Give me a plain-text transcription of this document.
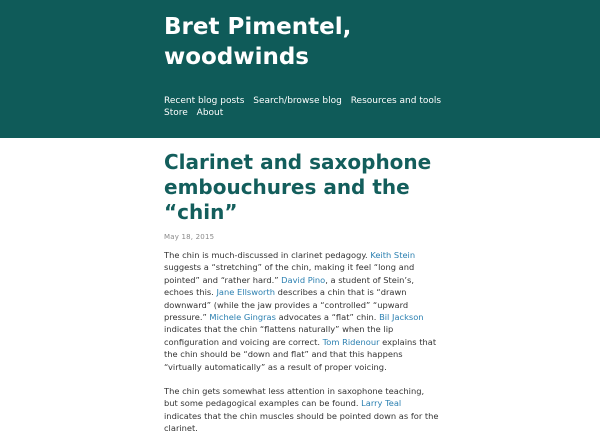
Bret Pimentel,
woodwinds
Recent blog posts Search/browse blog Resources and tools
Store About
Clarinet and saxophone embouchures and the “chin”
May 18, 2015

The chin is much-discussed in clarinet pedagogy. Keith Stein suggests a “stretching” of the chin, making it feel “long and pointed” and “rather hard.” David Pino, a student of Stein’s, echoes this. Jane Ellsworth describes a chin that is “drawn downward” (while the jaw provides a “controlled” “upward pressure.” Michele Gingras advocates a “flat” chin. Bil Jackson indicates that the chin “flattens naturally” when the lip configuration and voicing are correct. Tom Ridenour explains that the chin should be “down and flat” and that this happens “virtually automatically” as a result of proper voicing.

The chin gets somewhat less attention in saxophone teaching, but some pedagogical examples can be found. Larry Teal indicates that the chin muscles should be pointed down as for the clarinet.
